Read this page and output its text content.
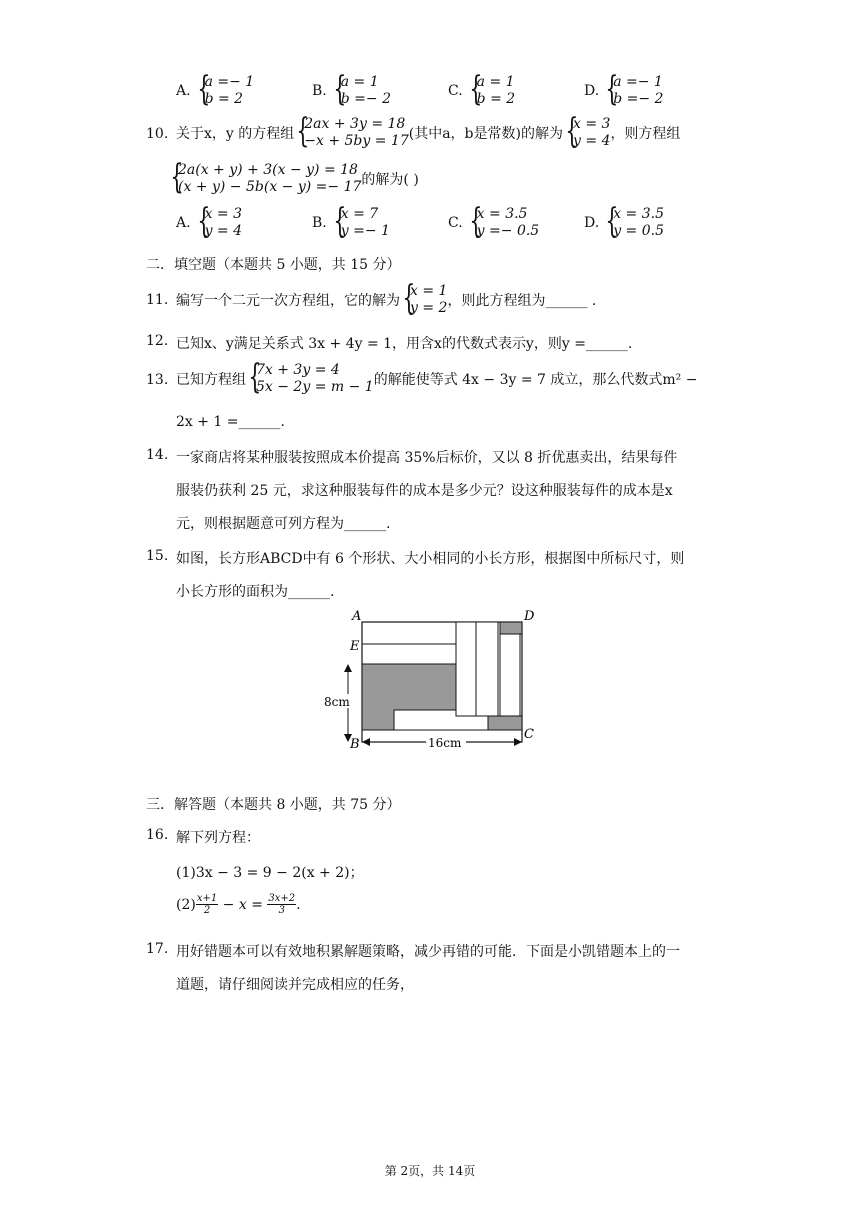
A.
{ a =− 1
b = 2	B.
{ a = 1
b =− 2	C.
{ a = 1
b = 2	D.
{ a =− 1
b =− 2
10. 关于x，y 的方程组
{ 2ax + 3y = 18
−x + 5by = 17 (其中a，b是常数)的解为
{ x = 3
y = 4 ，则方程组
{ 2a(x + y) + 3(x − y) = 18
(x + y) − 5b(x − y) =− 17 的解为( )
A.
{ x = 3
y = 4	B.
{ x = 7
y =− 1	C.
{ x = 3.5
y =− 0.5	D.
{ x = 3.5
y = 0.5
二．填空题（本题共 5 小题，共 15 分）
11. 编写一个二元一次方程组，它的解为
{ x = 1
y = 2 ，则此方程组为______ .
12. 已知x、y满足关系式 3x + 4y = 1，用含x的代数式表示y，则y =______.
13. 已知方程组
{ 7x + 3y = 4
5x − 2y = m − 1 的解能使等式 4x − 3y = 7 成立，那么代数式m² −
2x + 1 =______.
14. 一家商店将某种服装按照成本价提高 35%后标价，又以 8 折优惠卖出，结果每件
服装仍获利 25 元，求这种服装每件的成本是多少元？设这种服装每件的成本是x
元，则根据题意可列方程为______.
15. 如图，长方形ABCD中有 6 个形状、大小相同的小长方形，根据图中所标尺寸，则
小长方形的面积为______.
A	D
E
B
C
8cm
16cm
三．解答题（本题共 8 小题，共 75 分）
16. 解下列方程：
(1)3x − 3 = 9 − 2(x + 2)；
$(2) \frac{x+1}{2} - x = \frac{3x+2}{3}$ .
17. 用好错题本可以有效地积累解题策略，减少再错的可能．下面是小凯错题本上的一
道题，请仔细阅读并完成相应的任务，
第 2页，共 14页
